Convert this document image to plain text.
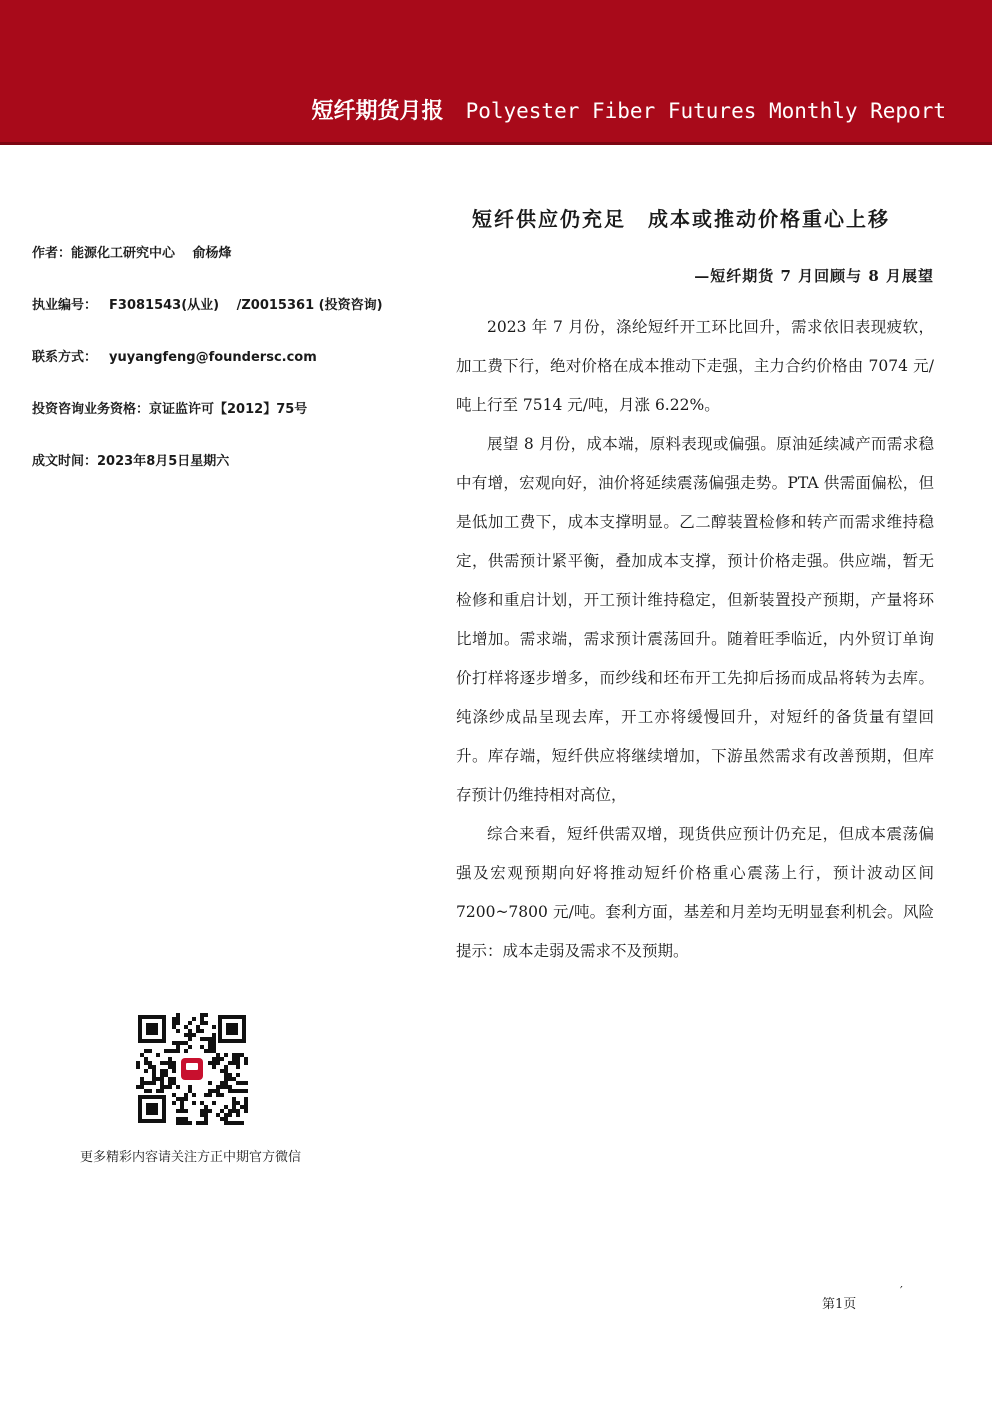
短纤期货月报 Polyester Fiber Futures Monthly Report
作者：能源化工研究中心　 俞杨烽
执业编号： F3081543(从业)　 /Z0015361 (投资咨询)
联系方式： yuyangfeng@foundersc.com
投资咨询业务资格：京证监许可【2012】75号
成文时间：2023年8月5日星期六
短纤供应仍充足 成本或推动价格重心上移
—短纤期货 7 月回顾与 8 月展望

2023 年 7 月份，涤纶短纤开工环比回升，需求依旧表现疲软，加工费下行，绝对价格在成本推动下走强，主力合约价格由 7074 元/吨上行至 7514 元/吨，月涨 6.22%。

展望 8 月份，成本端，原料表现或偏强。原油延续减产而需求稳中有增，宏观向好，油价将延续震荡偏强走势。PTA 供需面偏松，但是低加工费下，成本支撑明显。乙二醇装置检修和转产而需求维持稳定，供需预计紧平衡，叠加成本支撑，预计价格走强。供应端，暂无检修和重启计划，开工预计维持稳定，但新装置投产预期，产量将环比增加。需求端，需求预计震荡回升。随着旺季临近，内外贸订单询价打样将逐步增多，而纱线和坯布开工先抑后扬而成品将转为去库。纯涤纱成品呈现去库，开工亦将缓慢回升，对短纤的备货量有望回升。库存端，短纤供应将继续增加，下游虽然需求有改善预期，但库存预计仍维持相对高位，

综合来看，短纤供需双增，现货供应预计仍充足，但成本震荡偏强及宏观预期向好将推动短纤价格重心震荡上行，预计波动区间 7200~7800 元/吨。套利方面，基差和月差均无明显套利机会。风险提示：成本走弱及需求不及预期。

更多精彩内容请关注方正中期官方微信
第1页
′
